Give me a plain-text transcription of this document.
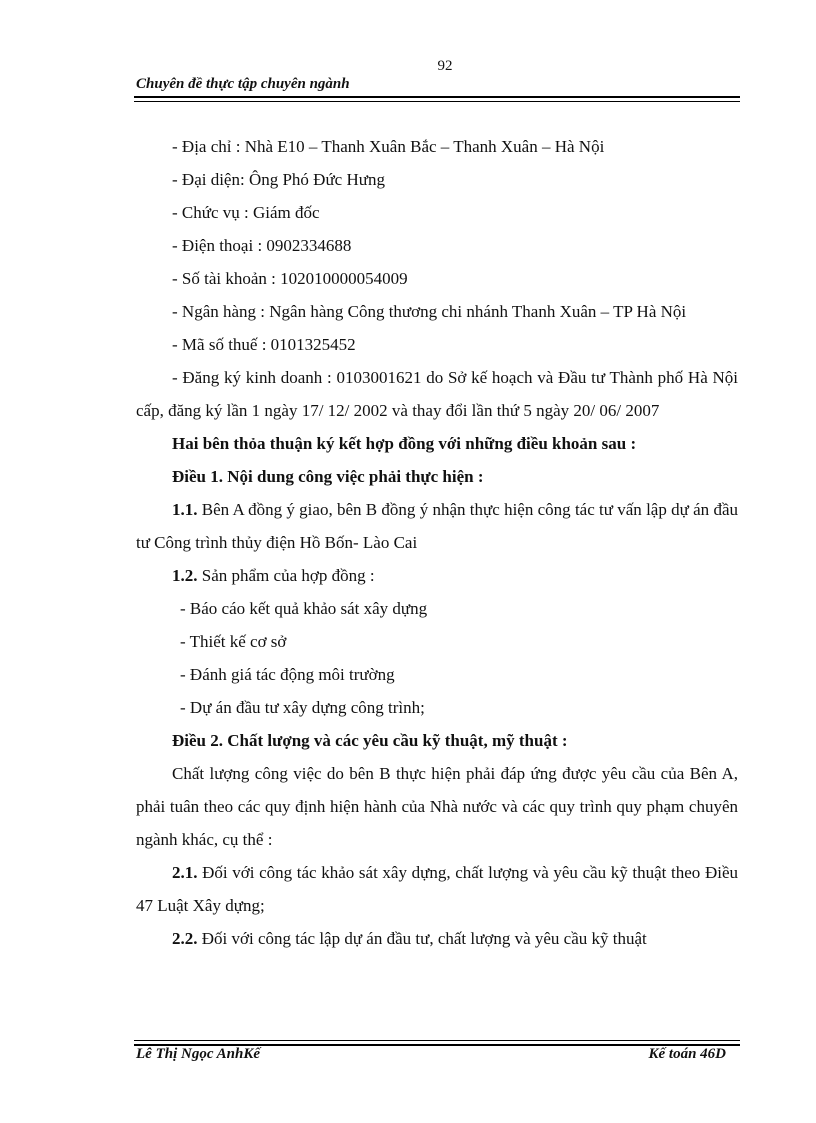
92
Chuyên đề thực tập chuyên ngành
- Địa chỉ : Nhà E10 – Thanh Xuân Bắc – Thanh Xuân – Hà Nội
- Đại diện: Ông Phó Đức Hưng
- Chức vụ : Giám đốc
- Điện thoại : 0902334688
- Số tài khoản : 102010000054009
- Ngân hàng : Ngân hàng Công thương chi nhánh Thanh Xuân – TP Hà Nội
- Mã số thuế : 0101325452
- Đăng ký kinh doanh : 0103001621 do Sở kế hoạch và Đầu tư Thành phố Hà Nội cấp, đăng ký lần 1 ngày 17/ 12/ 2002 và thay đổi lần thứ 5 ngày 20/ 06/ 2007
Hai bên thỏa thuận ký kết hợp đồng với những điều khoản sau :
Điều 1. Nội dung công việc phải thực hiện :
1.1. Bên A đồng ý giao, bên B đồng ý nhận thực hiện công tác tư vấn lập dự án đầu tư Công trình thủy điện Hồ Bốn- Lào Cai
1.2. Sản phẩm của hợp đồng :
- Báo cáo kết quả khảo sát xây dựng
- Thiết kế cơ sở
- Đánh giá tác động môi trường
- Dự án đầu tư xây dựng công trình;
Điều 2. Chất lượng và các yêu cầu kỹ thuật, mỹ thuật :
Chất lượng công việc do bên B thực hiện phải đáp ứng được yêu cầu của Bên A, phải tuân theo các quy định hiện hành của Nhà nước và các quy trình quy phạm chuyên ngành khác, cụ thể :
2.1. Đối với công tác khảo sát xây dựng, chất lượng và yêu cầu kỹ thuật theo Điều 47 Luật Xây dựng;
2.2. Đối với công tác lập dự án đầu tư, chất lượng và yêu cầu kỹ thuật
Lê Thị Ngọc AnhKế	Kế toán 46D
